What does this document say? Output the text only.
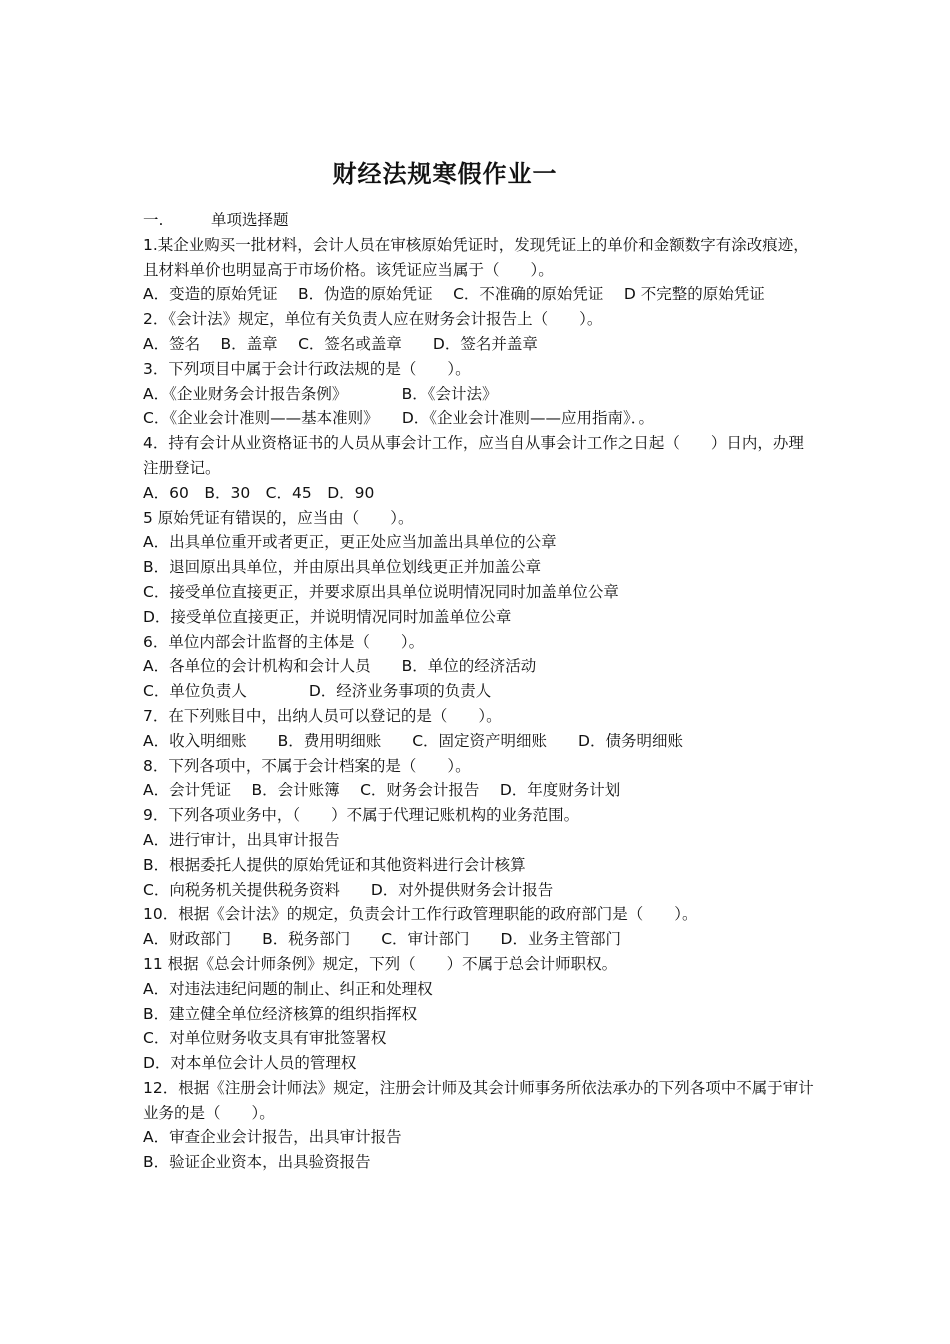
财经法规寒假作业一
一.	单项选择题
1.某企业购买一批材料，会计人员在审核原始凭证时，发现凭证上的单价和金额数字有涂改痕迹，且材料单价也明显高于市场价格。该凭证应当属于（　　）。
A．变造的原始凭证　 B．伪造的原始凭证　 C．不准确的原始凭证　 D 不完整的原始凭证
2．《会计法》规定，单位有关负责人应在财务会计报告上（　　）。
A．签名　 B．盖章　 C．签名或盖章　　D．签名并盖章
3．下列项目中属于会计行政法规的是（　　）。
A．《企业财务会计报告条例》　　　　B．《会计法》
C．《企业会计准则——基本准则》　　D．《企业会计准则——应用指南》．。
4．持有会计从业资格证书的人员从事会计工作，应当自从事会计工作之日起（　　）日内，办理注册登记。
A．60　B．30　C．45　D．90
5 原始凭证有错误的，应当由（　　）。
A．出具单位重开或者更正，更正处应当加盖出具单位的公章
B．退回原出具单位，并由原出具单位划线更正并加盖公章
C．接受单位直接更正，并要求原出具单位说明情况同时加盖单位公章
D．接受单位直接更正，并说明情况同时加盖单位公章
6．单位内部会计监督的主体是（　　）。
A．各单位的会计机构和会计人员　　B．单位的经济活动
C．单位负责人　　　　D．经济业务事项的负责人
7．在下列账目中，出纳人员可以登记的是（　　）。
A．收入明细账　　B．费用明细账　　C．固定资产明细账　　D．债务明细账
8．下列各项中，不属于会计档案的是（　　）。
A．会计凭证　 B．会计账簿　 C．财务会计报告　 D．年度财务计划
9．下列各项业务中，（　　）不属于代理记账机构的业务范围。
A．进行审计，出具审计报告
B．根据委托人提供的原始凭证和其他资料进行会计核算
C．向税务机关提供税务资料　　D．对外提供财务会计报告
10．根据《会计法》的规定，负责会计工作行政管理职能的政府部门是（　　）。
A．财政部门　　B．税务部门　　C．审计部门　　D．业务主管部门
11 根据《总会计师条例》规定，下列（　　）不属于总会计师职权。
A．对违法违纪问题的制止、纠正和处理权
B．建立健全单位经济核算的组织指挥权
C．对单位财务收支具有审批签署权
D．对本单位会计人员的管理权
12．根据《注册会计师法》规定，注册会计师及其会计师事务所依法承办的下列各项中不属于审计业务的是（　　）。
A．审查企业会计报告，出具审计报告
B．验证企业资本，出具验资报告
